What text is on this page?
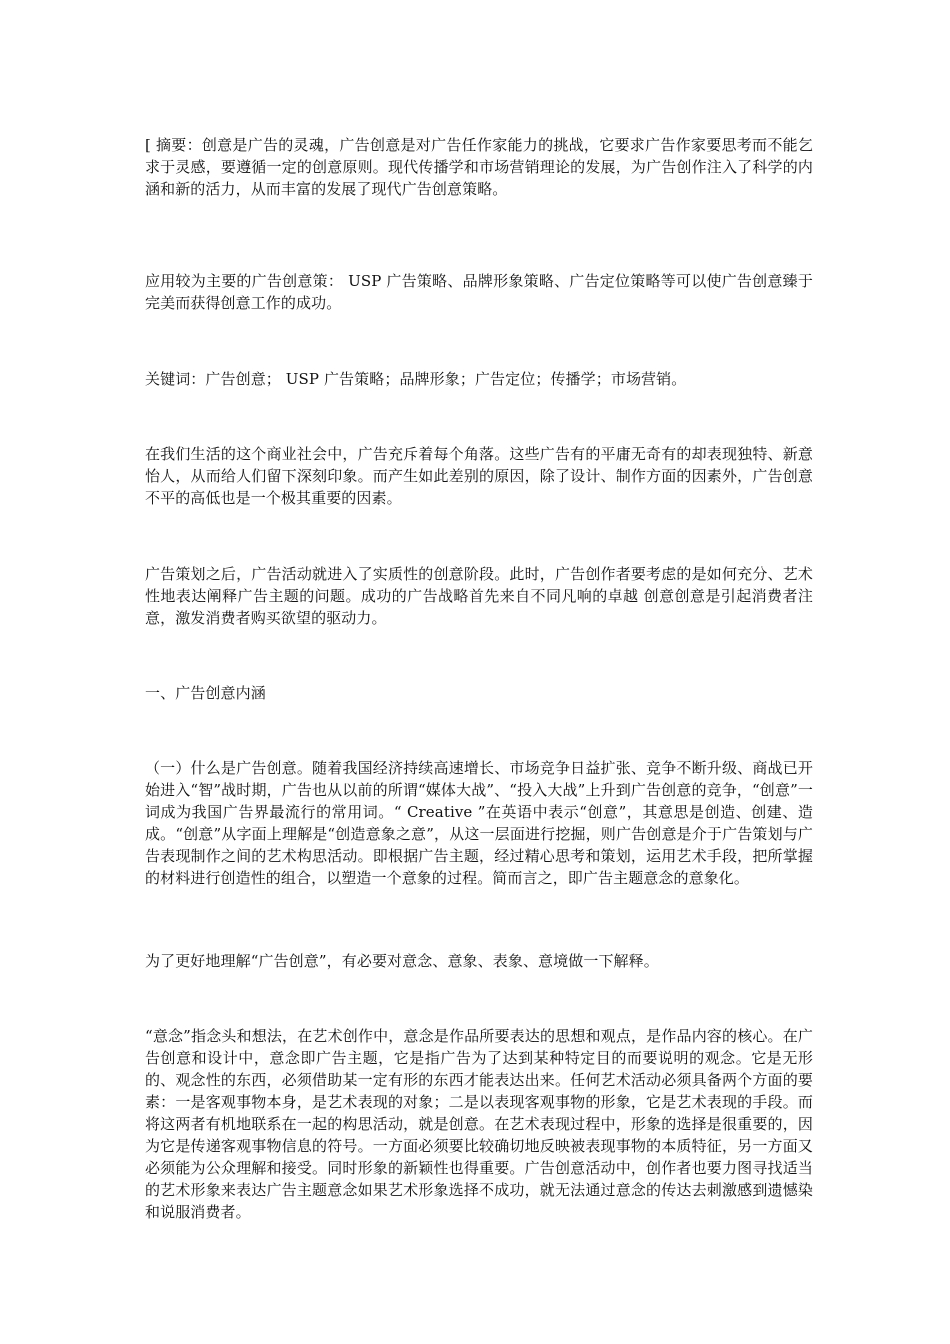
[ 摘要：创意是广告的灵魂，广告创意是对广告任作家能力的挑战，它要求广告作家要思考而不能乞求于灵感，要遵循一定的创意原则。现代传播学和市场营销理论的发展，为广告创作注入了科学的内涵和新的活力，从而丰富的发展了现代广告创意策略。

应用较为主要的广告创意策： USP 广告策略、品牌形象策略、广告定位策略等可以使广告创意臻于完美而获得创意工作的成功。

关键词：广告创意； USP 广告策略；品牌形象；广告定位；传播学；市场营销。

在我们生活的这个商业社会中，广告充斥着每个角落。这些广告有的平庸无奇有的却表现独特、新意怡人，从而给人们留下深刻印象。而产生如此差别的原因，除了设计、制作方面的因素外，广告创意不平的高低也是一个极其重要的因素。

广告策划之后，广告活动就进入了实质性的创意阶段。此时，广告创作者要考虑的是如何充分、艺术性地表达阐释广告主题的问题。成功的广告战略首先来自不同凡响的卓越 创意创意是引起消费者注意，激发消费者购买欲望的驱动力。

一、广告创意内涵

（一）什么是广告创意。随着我国经济持续高速增长、市场竞争日益扩张、竞争不断升级、商战已开始进入“智”战时期，广告也从以前的所谓“媒体大战”、“投入大战”上升到广告创意的竞争，“创意”一词成为我国广告界最流行的常用词。“ Creative ”在英语中表示“创意”，其意思是创造、创建、造成。“创意”从字面上理解是“创造意象之意”，从这一层面进行挖掘，则广告创意是介于广告策划与广告表现制作之间的艺术构思活动。即根据广告主题，经过精心思考和策划，运用艺术手段，把所掌握的材料进行创造性的组合，以塑造一个意象的过程。简而言之，即广告主题意念的意象化。

为了更好地理解“广告创意”，有必要对意念、意象、表象、意境做一下解释。

“意念”指念头和想法，在艺术创作中，意念是作品所要表达的思想和观点，是作品内容的核心。在广告创意和设计中，意念即广告主题，它是指广告为了达到某种特定目的而要说明的观念。它是无形的、观念性的东西，必须借助某一定有形的东西才能表达出来。任何艺术活动必须具备两个方面的要素：一是客观事物本身，是艺术表现的对象；二是以表现客观事物的形象，它是艺术表现的手段。而将这两者有机地联系在一起的构思活动，就是创意。在艺术表现过程中，形象的选择是很重要的，因为它是传递客观事物信息的符号。一方面必须要比较确切地反映被表现事物的本质特征，另一方面又必须能为公众理解和接受。同时形象的新颖性也得重要。广告创意活动中，创作者也要力图寻找适当的艺术形象来表达广告主题意念如果艺术形象选择不成功，就无法通过意念的传达去刺激感到遗憾染和说服消费者。
